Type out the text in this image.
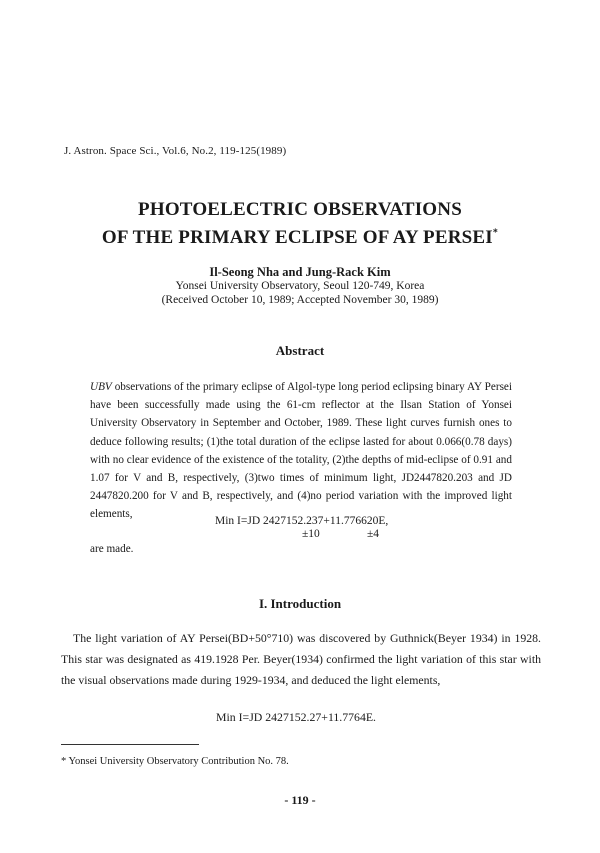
J. Astron. Space Sci., Vol.6, No.2, 119-125(1989)
PHOTOELECTRIC OBSERVATIONS
OF THE PRIMARY ECLIPSE OF AY PERSEI*
Il-Seong Nha and Jung-Rack Kim
Yonsei University Observatory, Seoul 120-749, Korea
(Received October 10, 1989; Accepted November 30, 1989)
Abstract

UBV observations of the primary eclipse of Algol-type long period eclipsing binary AY Persei have been successfully made using the 61-cm reflector at the Ilsan Station of Yonsei University Observatory in September and October, 1989. These light curves furnish ones to deduce following results; (1)the total duration of the eclipse lasted for about 0.066(0.78 days) with no clear evidence of the existence of the totality, (2)the depths of mid-eclipse of 0.91 and 1.07 for V and B, respectively, (3)two times of minimum light, JD2447820.203 and JD 2447820.200 for V and B, respectively, and (4)no period variation with the improved light elements,

Min I=JD 2427152.237+11.776620E,
±10	±4
are made.
I. Introduction

The light variation of AY Persei(BD+50°710) was discovered by Guthnick(Beyer 1934) in 1928. This star was designated as 419.1928 Per. Beyer(1934) confirmed the light variation of this star with the visual observations made during 1929-1934, and deduced the light elements,

Min I=JD 2427152.27+11.7764E.
* Yonsei University Observatory Contribution No. 78.
- 119 -
